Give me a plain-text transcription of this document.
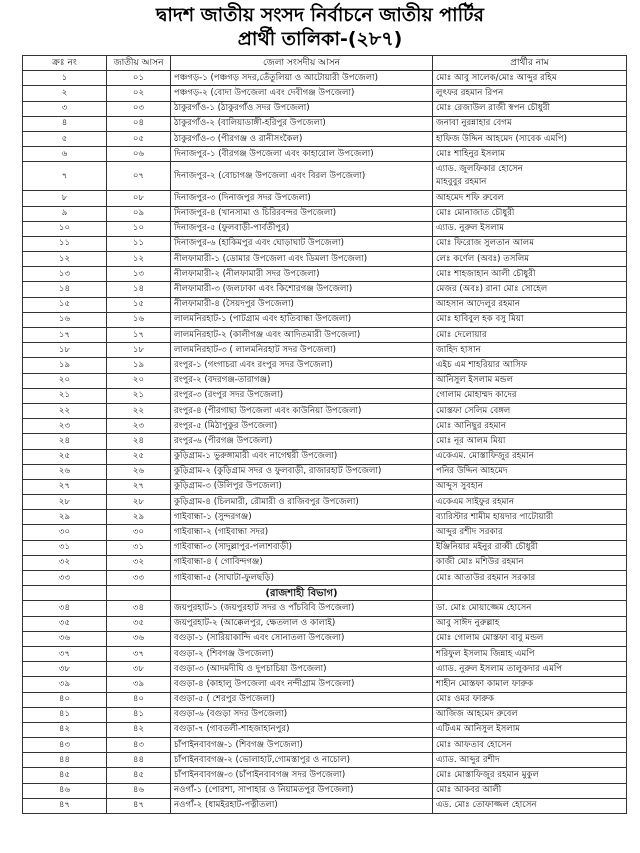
দ্বাদশ জাতীয় সংসদ নির্বাচনে জাতীয় পার্টির
প্রার্থী তালিকা-(২৮৭)
ক্রঃ নং	জাতীয় আসন	জেলা সংসদীয় আসন	প্রার্থীর নাম
১	০১	পঞ্চগড়-১ (পঞ্চগড় সদর,তেঁতুলিয়া ও আটোয়ারী উপজেলা)	মোঃ আবু সালেক/মোঃ আব্দুর রহিম
২	০২	পঞ্চগড়-২ (বোদা উপজেলা এবং দেবীগঞ্জ উপজেলা)	লুৎফর রহমান রিপন
৩	০৩	ঠাকুরগাঁও-১ (ঠাকুরগাঁও সদর উপজেলা)	মোঃ রেজাউল রাজী স্বপন চৌধুরী
৪	০৪	ঠাকুরগাঁও-২ (বালিয়াডাঙ্গী-হরিপুর উপজেলা)	জনাবা নুরন্নাহার বেগম
৫	০৫	ঠাকুরগাঁও-৩ (পীরগঞ্জ ও রানীসংকৈল)	হাফিজ উদ্দিন আহমেদ (সাবেক এমপি)
৬	০৬	দিনাজপুর-১ (বীরগঞ্জ উপজেলা এবং কাহারোল উপজেলা)	মোঃ শাহিনুর ইসলাম
৭	০৭	দিনাজপুর-২ (বোচাগঞ্জ উপজেলা এবং বিরল উপজেলা)	এ্যাড. জুলফিকার হোসেন
মাহবুবুর রহমান

৮	০৮	দিনাজপুর-৩ (দিনাজপুর সদর উপজেলা)	আহমেদ শফি রুবেল
৯	০৯	দিনাজপুর-৪ (খানসামা ও চিরিরবন্দর উপজেলা)	মোঃ মোনাজাত চৌধুরী
১০	১০	দিনাজপুর-৫ (ফুলবাড়ী-পার্বতীপুর)	এ্যাড. নুরুল ইসলাম
১১	১১	দিনাজপুর-৬ (হাকিমপুর এবং ঘোড়াঘাট উপজেলা)	মোঃ ফিরোজ সুলতান আলম
১২	১২	নীলফামারী-১ (ডোমার উপজেলা এবং ডিমলা উপজেলা)	লেঃ কর্ণেল (অবঃ) তসলিম
১৩	১৩	নীলফামারী-২ (নীলফামারী সদর উপজেলা)	মোঃ শাহজাহান আলী চৌধুরী
১৪	১৪	নীলফামারী-৩ (জলঢাকা এবং কিশোরগঞ্জ উপজেলা)	মেজর (অবঃ) রানা মোঃ সোহেল
১৫	১৫	নীলফামারী-৪ (সৈয়দপুর উপজেলা)	আহসান আদেলুর রহমান
১৬	১৬	লালমনিরহাট-১ (পাটগ্রাম এবং হাতিবান্ধা উপজেলা)	মোঃ হাবিবুল হক বসু মিয়া
১৭	১৭	লালমনিরহাট-২ (কালীগঞ্জ এবং আদিতমারী উপজেলা)	মোঃ দেলোয়ার
১৮	১৮	লালমনিরহাট-৩ ( লালমনিরহাট সদর উপজেলা)	জাহিদ হাসান
১৯	১৯	রংপুর-১ (গংগাচরা এবং রংপুর সদর উপজেলা)	এইচ এম শাহরিয়ার আসিফ
২০	২০	রংপুর-২ (বদরগঞ্জ-তারাগঞ্জ)	আনিসুল ইসলাম মন্ডল
২১	২১	রংপুর-৩ (রংপুর সদর উপজেলা)	গোলাম মোহাম্মদ কাদের
২২	২২	রংপুর-৪ (পীরগাছা উপজেলা এবং কাউনিয়া উপজেলা)	মোস্তফা সেলিম বেঙ্গল
২৩	২৩	রংপুর-৫ (মিঠাপুকুর উপজেলা)	মোঃ আনিছুর রহমান
২৪	২৪	রংপুর-৬ (পীরগঞ্জ উপজেলা)	মোঃ নূর আলম মিয়া
২৫	২৫	কুড়িগ্রাম-১ ভুরুঙ্গামারী এবং নাগেশ্বরী উপজেলা)	একেএম. মোস্তাফিজুর রহমান
২৬	২৬	কুড়িগ্রাম-২ (কুড়িগ্রাম সদর ও ফুলবাড়ী, রাজারহাট উপজেলা)	পনির উদ্দিন আহমেদ
২৭	২৭	কুড়িগ্রাম-৩ (উলিপুর উপজেলা)	আব্দুস সুবহান
২৮	২৮	কুড়িগ্রাম-৪ (চিলমারী, রৌমারী ও রাজিবপুর উপজেলা)	একেএম সাইফুর রহমান
২৯	২৯	গাইবান্ধা-১ (সুন্দরগঞ্জ)	ব্যারিস্টার শামীম হায়দার পাটোয়ারী
৩০	৩০	গাইবান্ধা-২ (গাইবান্ধা সদর)	আব্দুর রশীদ সরকার
৩১	৩১	গাইবান্ধা-৩ (সাদুল্লাপুর-পলাশবাড়ী)	ইঞ্জিনিয়ার মইনুর রাব্বী চৌধুরী
৩২	৩২	গাইবান্ধা-৪ ( গোবিন্দগঞ্জ)	কাজী মোঃ মশিউর রহমান
৩৩	৩৩	গাইবান্ধা-৫ (সাঘাটা-ফুলছড়ি)	মোঃ আতাউর রহমান সরকার
		(রাজশাহী বিভাগ)	
৩৪	৩৪	জয়পুরহাট-১ (জয়পুরহাট সদর ও পাঁচবিবি উপজেলা)	ডা. মোঃ মোয়াজ্জেম হোসেন
৩৫	৩৫	জয়পুরহাট-২ (আক্কেলপুর, ক্ষেতলাল ও কালাই)	আবু সাঈদ নুরুল্লাহ
৩৬	৩৬	বগুড়া-১ (সারিয়াকান্দি এবং সোনাতলা উপজেলা)	মোঃ গোলাম মোস্তফা বাবু মন্ডল
৩৭	৩৭	বগুড়া-২ (শিবগঞ্জ উপজেলা)	শরিফুল ইসলাম জিন্নাহ এমপি
৩৮	৩৮	বগুড়া-৩ (আদমদীঘি ও দুপচাচিয়া উপজেলা)	এ্যাড. নুরুল ইসলাম তালুকদার এমপি
৩৯	৩৯	বগুড়া-৪ (কাহালু উপজেলা এবং নন্দীগ্রাম উপজেলা)	শাহীন মোস্তফা কামাল ফারুক
৪০	৪০	বগুড়া-৫ ( শেরপুর উপজেলা)	মোঃ ওমর ফারুক
৪১	৪১	বগুড়া-৬ (বগুড়া সদর উপজেলা)	আজিজ আহমেদ রুবেল
৪২	৪২	বগুড়া-৭ (গাবতলী-শাহজাহানপুর)	এটিএম আনিসুল ইসলাম
৪৩	৪৩	চাঁপাইনবাবগঞ্জ-১ (শিবগঞ্জ উপজেলা)	মোঃ আফতাব হোসেন
৪৪	৪৪	চাঁপাইনবাবগঞ্জ-২ (ভোলাহাট,গোমস্তাপুর ও নাচোল)	এ্যাড. আব্দুর রশীদ
৪৫	৪৫	চাঁপাইনবাবগঞ্জ-৩ (চাঁপাইনবাবগঞ্জ সদর উপজেলা)	মোঃ মোস্তাফিজুর রহমান মুকুল
৪৬	৪৬	নওগাঁ-১ (পোরশা, সাপাহার ও নিয়ামতপুর উপজেলা)	মোঃ আকবর আলী
৪৭	৪৭	নওগাঁ-২ (ধামইরহাট-পত্নীতলা)	এড. মোঃ তোফাজ্জল হোসেন
